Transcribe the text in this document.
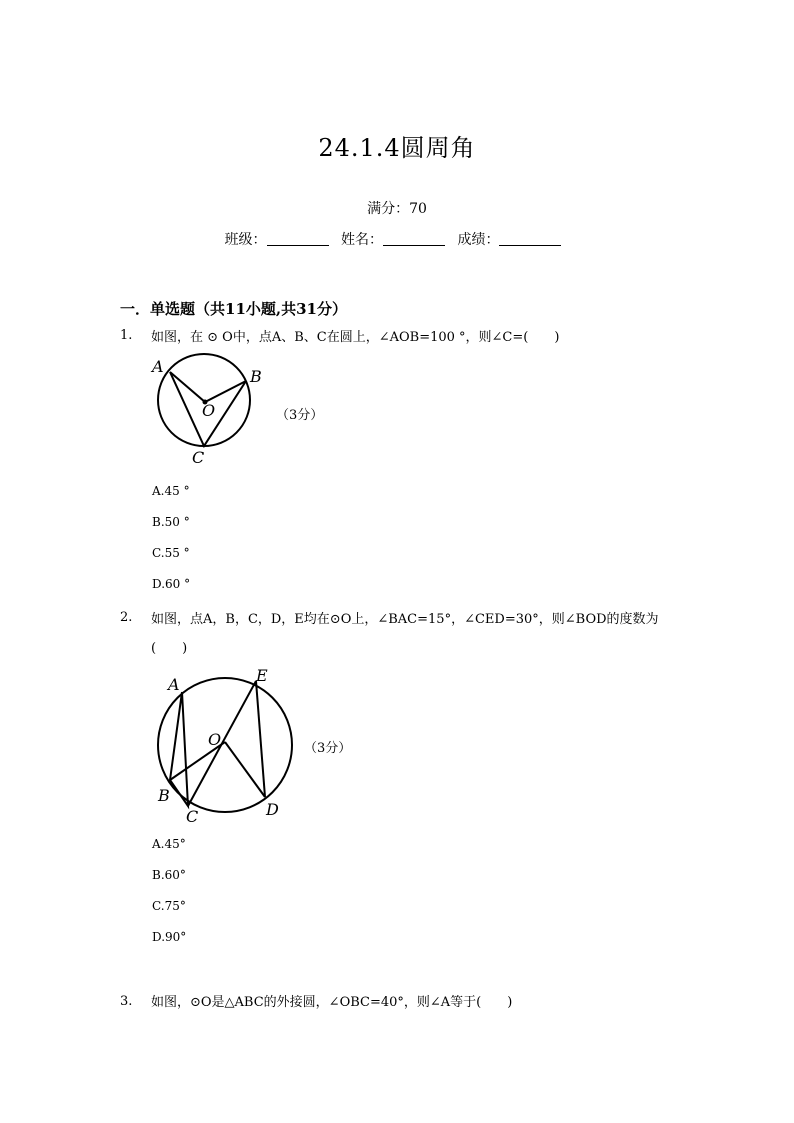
24.1.4圆周角
满分：70
班级：	姓名：	成绩：
一．单选题（共11小题,共31分）
1. 如图，在 ⊙ O中，点A、B、C在圆上，∠AOB=100 °，则∠C=(　　)
A
B
O
C
（3分）
A.45 °
B.50 °
C.55 °
D.60 °
2. 如图，点A，B，C，D，E均在⊙O上，∠BAC=15°，∠CED=30°，则∠BOD的度数为
(　　)
A	E
O
B
C	D
（3分）
A.45°
B.60°
C.75°
D.90°
3. 如图，⊙O是△ABC的外接圆，∠OBC=40°，则∠A等于(　　)
